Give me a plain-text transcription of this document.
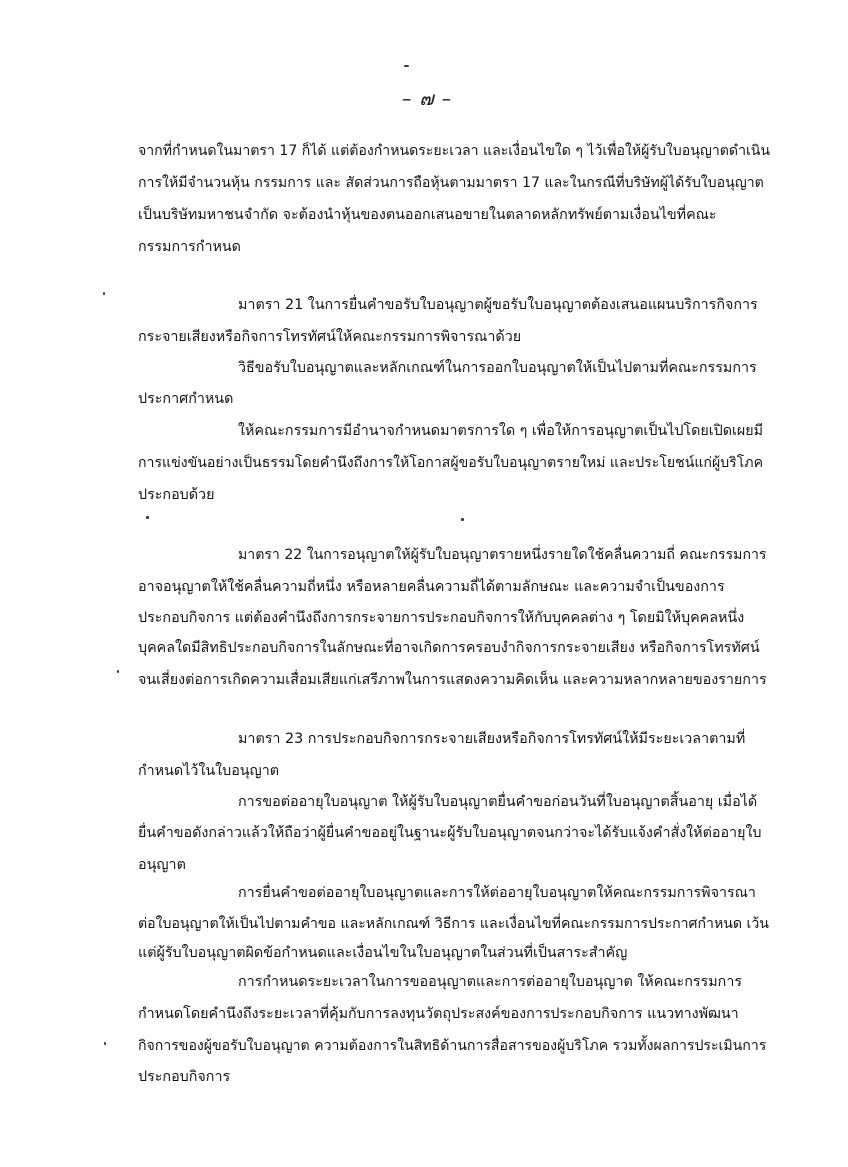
– ๗ –
จากที่กำหนดในมาตรา 17 ก็ได้ แต่ต้องกำหนดระยะเวลา และเงื่อนไขใด ๆ ไว้เพื่อให้ผู้รับใบอนุญาตดำเนิน
การให้มีจำนวนหุ้น กรรมการ และ สัดส่วนการถือหุ้นตามมาตรา 17 และในกรณีที่บริษัทผู้ได้รับใบอนุญาต
เป็นบริษัทมหาชนจำกัด จะต้องนำหุ้นของตนออกเสนอขายในตลาดหลักทรัพย์ตามเงื่อนไขที่คณะ
กรรมการกำหนด
มาตรา 21 ในการยื่นคำขอรับใบอนุญาตผู้ขอรับใบอนุญาตต้องเสนอแผนบริการกิจการ
กระจายเสียงหรือกิจการโทรทัศน์ให้คณะกรรมการพิจารณาด้วย
วิธีขอรับใบอนุญาตและหลักเกณฑ์ในการออกใบอนุญาตให้เป็นไปตามที่คณะกรรมการ
ประกาศกำหนด
ให้คณะกรรมการมีอำนาจกำหนดมาตรการใด ๆ เพื่อให้การอนุญาตเป็นไปโดยเปิดเผยมี
การแข่งขันอย่างเป็นธรรมโดยคำนึงถึงการให้โอกาสผู้ขอรับใบอนุญาตรายใหม่ และประโยชน์แก่ผู้บริโภค
ประกอบด้วย
มาตรา 22 ในการอนุญาตให้ผู้รับใบอนุญาตรายหนึ่งรายใดใช้คลื่นความถี่ คณะกรรมการ
อาจอนุญาตให้ใช้คลื่นความถี่หนึ่ง หรือหลายคลื่นความถี่ได้ตามลักษณะ และความจำเป็นของการ
ประกอบกิจการ แต่ต้องคำนึงถึงการกระจายการประกอบกิจการให้กับบุคคลต่าง ๆ โดยมิให้บุคคลหนึ่ง
บุคคลใดมีสิทธิประกอบกิจการในลักษณะที่อาจเกิดการครอบงำกิจการกระจายเสียง หรือกิจการโทรทัศน์
จนเสี่ยงต่อการเกิดความเสื่อมเสียแก่เสรีภาพในการแสดงความคิดเห็น และความหลากหลายของรายการ
มาตรา 23 การประกอบกิจการกระจายเสียงหรือกิจการโทรทัศน์ให้มีระยะเวลาตามที่
กำหนดไว้ในใบอนุญาต
การขอต่ออายุใบอนุญาต ให้ผู้รับใบอนุญาตยื่นคำขอก่อนวันที่ใบอนุญาตสิ้นอายุ เมื่อได้
ยื่นคำขอดังกล่าวแล้วให้ถือว่าผู้ยื่นคำขออยู่ในฐานะผู้รับใบอนุญาตจนกว่าจะได้รับแจ้งคำสั่งให้ต่ออายุใบ
อนุญาต
การยื่นคำขอต่ออายุใบอนุญาตและการให้ต่ออายุใบอนุญาตให้คณะกรรมการพิจารณา
ต่อใบอนุญาตให้เป็นไปตามคำขอ และหลักเกณฑ์ วิธีการ และเงื่อนไขที่คณะกรรมการประกาศกำหนด เว้น
แต่ผู้รับใบอนุญาตผิดข้อกำหนดและเงื่อนไขในใบอนุญาตในส่วนที่เป็นสาระสำคัญ
การกำหนดระยะเวลาในการขออนุญาตและการต่ออายุใบอนุญาต ให้คณะกรรมการ
กำหนดโดยคำนึงถึงระยะเวลาที่คุ้มกับการลงทุนวัตถุประสงค์ของการประกอบกิจการ แนวทางพัฒนา
กิจการของผู้ขอรับใบอนุญาต ความต้องการในสิทธิด้านการสื่อสารของผู้บริโภค รวมทั้งผลการประเมินการ
ประกอบกิจการ
